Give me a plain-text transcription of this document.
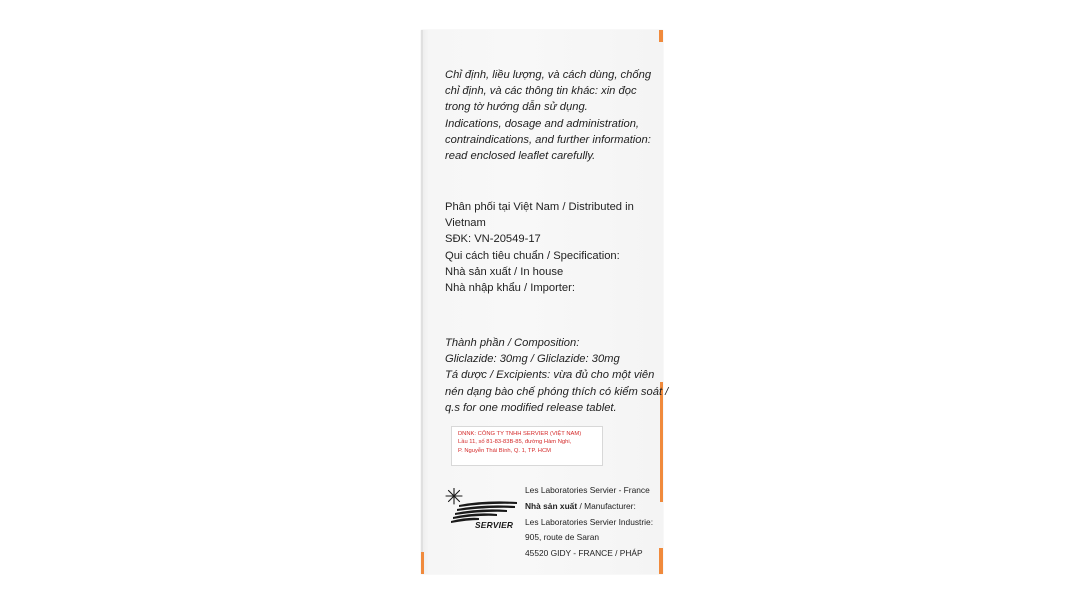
Chỉ định, liều lượng, và cách dùng, chống
chỉ định, và các thông tin khác: xin đọc
trong tờ hướng dẫn sử dụng.
Indications, dosage and administration,
contraindications, and further information:
read enclosed leaflet carefully.
Phân phối tại Việt Nam / Distributed in
Vietnam
SĐK: VN-20549-17
Qui cách tiêu chuẩn / Specification:
Nhà sản xuất / In house
Nhà nhập khẩu / Importer:
Thành phần / Composition:
Gliclazide: 30mg / Gliclazide: 30mg
Tá dược / Excipients: vừa đủ cho một viên
nén dạng bào chế phóng thích có kiểm soát /
q.s for one modified release tablet.
DNNK: CÔNG TY TNHH SERVIER (VIỆT NAM)
Lầu 11, số 81-83-83B-85, đường Hàm Nghi,
P. Nguyễn Thái Bình, Q. 1, TP. HCM
SERVIER
Les Laboratories Servier - France
Nhà sản xuất / Manufacturer:
Les Laboratories Servier Industrie:
905, route de Saran
45520 GIDY - FRANCE / PHÁP
